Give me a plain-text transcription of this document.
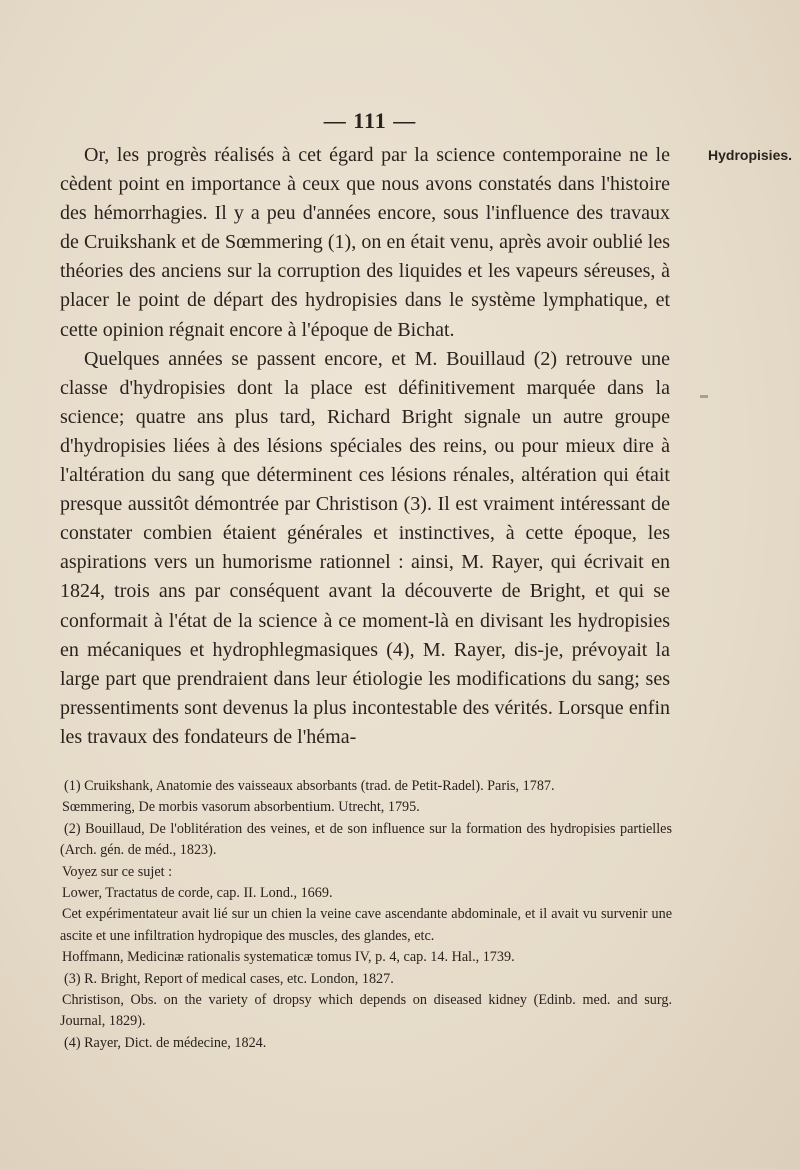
— 111 —
Hydropisies.

Or, les progrès réalisés à cet égard par la science contemporaine ne le cèdent point en importance à ceux que nous avons constatés dans l'histoire des hémorrhagies. Il y a peu d'années encore, sous l'influence des travaux de Cruikshank et de Sœmmering (1), on en était venu, après avoir oublié les théories des anciens sur la corruption des liquides et les vapeurs séreuses, à placer le point de départ des hydropisies dans le système lymphatique, et cette opinion régnait encore à l'époque de Bichat.

Quelques années se passent encore, et M. Bouillaud (2) retrouve une classe d'hydropisies dont la place est définitivement marquée dans la science; quatre ans plus tard, Richard Bright signale un autre groupe d'hydropisies liées à des lésions spéciales des reins, ou pour mieux dire à l'altération du sang que déterminent ces lésions rénales, altération qui était presque aussitôt démontrée par Christison (3). Il est vraiment intéressant de constater combien étaient générales et instinctives, à cette époque, les aspirations vers un humorisme rationnel : ainsi, M. Rayer, qui écrivait en 1824, trois ans par conséquent avant la découverte de Bright, et qui se conformait à l'état de la science à ce moment-là en divisant les hydropisies en mécaniques et hydrophlegmasiques (4), M. Rayer, dis-je, prévoyait la large part que prendraient dans leur étiologie les modifications du sang; ses pressentiments sont devenus la plus incontestable des vérités. Lorsque enfin les travaux des fondateurs de l'héma-

(1) Cruikshank, Anatomie des vaisseaux absorbants (trad. de Petit-Radel). Paris, 1787.
Sœmmering, De morbis vasorum absorbentium. Utrecht, 1795.
(2) Bouillaud, De l'oblitération des veines, et de son influence sur la formation des hydropisies partielles (Arch. gén. de méd., 1823).
Voyez sur ce sujet :
Lower, Tractatus de corde, cap. II. Lond., 1669.
Cet expérimentateur avait lié sur un chien la veine cave ascendante abdominale, et il avait vu survenir une ascite et une infiltration hydropique des muscles, des glandes, etc.
Hoffmann, Medicinæ rationalis systematicæ tomus IV, p. 4, cap. 14. Hal., 1739.
(3) R. Bright, Report of medical cases, etc. London, 1827.
Christison, Obs. on the variety of dropsy which depends on diseased kidney (Edinb. med. and surg. Journal, 1829).
(4) Rayer, Dict. de médecine, 1824.
